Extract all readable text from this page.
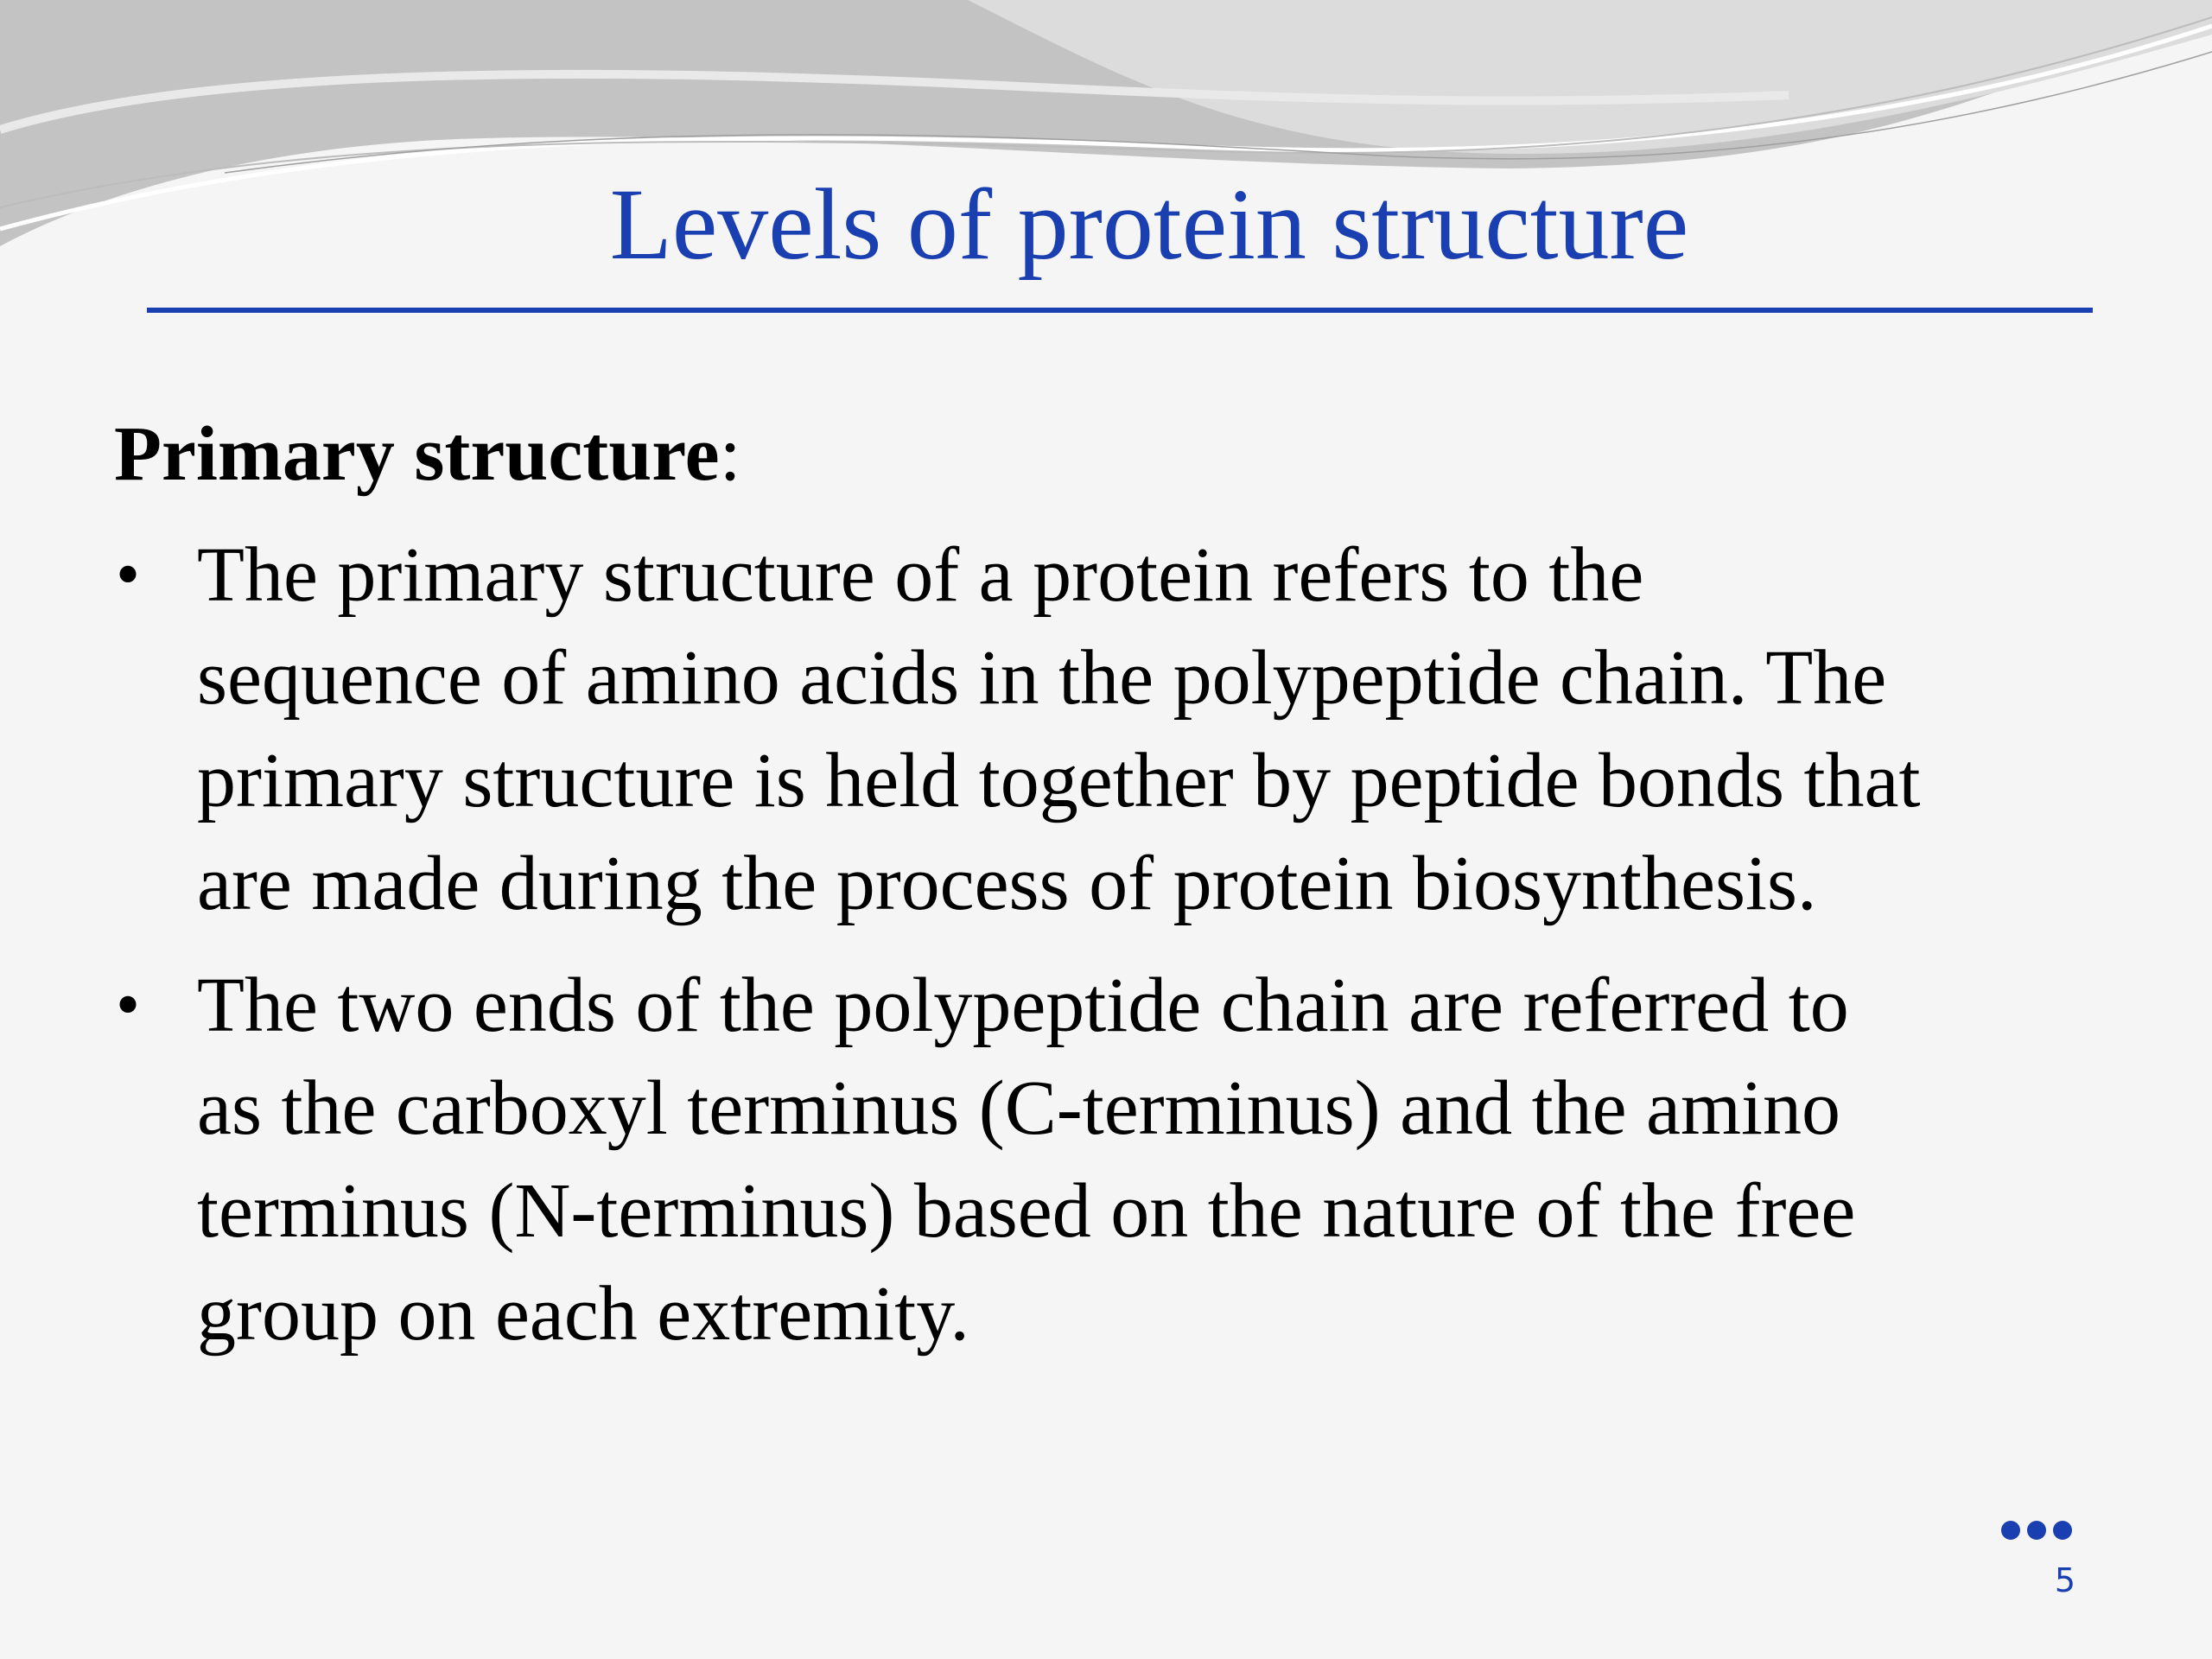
Levels of protein structure
Primary structure:
• The primary structure of a protein refers to the
sequence of amino acids in the polypeptide chain. The
primary structure is held together by peptide bonds that
are made during the process of protein biosynthesis.
• The two ends of the polypeptide chain are referred to
as the carboxyl terminus (C-terminus) and the amino
terminus (N-terminus) based on the nature of the free
group on each extremity.
5
